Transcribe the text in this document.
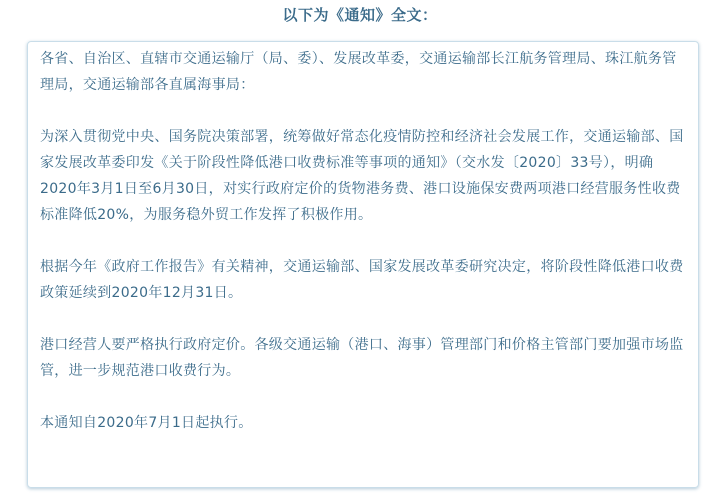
以下为《通知》全文：

各省、自治区、直辖市交通运输厅（局、委）、发展改革委，交通运输部长江航务管理局、珠江航务管理局，交通运输部各直属海事局：

为深入贯彻党中央、国务院决策部署，统筹做好常态化疫情防控和经济社会发展工作，交通运输部、国家发展改革委印发《关于阶段性降低港口收费标准等事项的通知》（交水发〔2020〕33号），明确2020年3月1日至6月30日，对实行政府定价的货物港务费、港口设施保安费两项港口经营服务性收费标准降低20%，为服务稳外贸工作发挥了积极作用。

根据今年《政府工作报告》有关精神，交通运输部、国家发展改革委研究决定，将阶段性降低港口收费政策延续到2020年12月31日。

港口经营人要严格执行政府定价。各级交通运输（港口、海事）管理部门和价格主管部门要加强市场监管，进一步规范港口收费行为。

本通知自2020年7月1日起执行。
